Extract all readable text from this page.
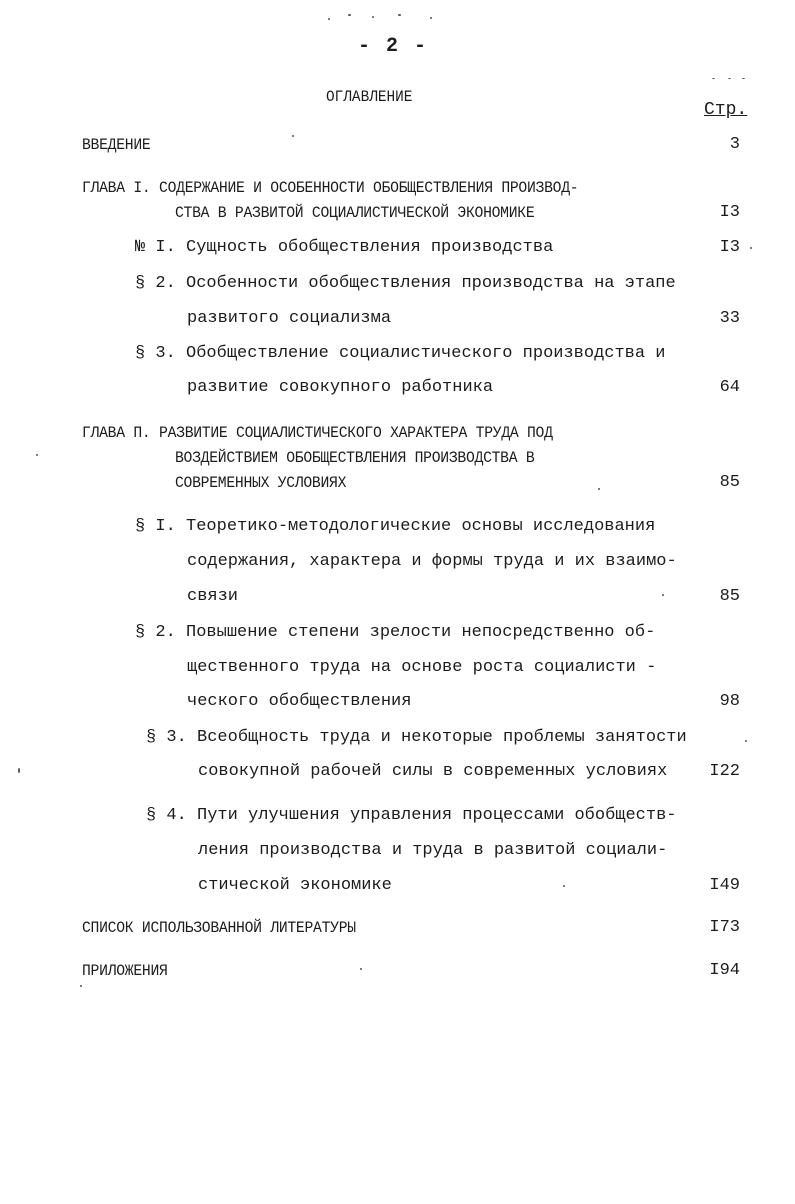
- 2 -
ОГЛАВЛЕНИЕ
Стр.
ВВЕДЕНИЕ	3
ГЛАВА I. СОДЕРЖАНИЕ И ОСОБЕННОСТИ ОБОБЩЕСТВЛЕНИЯ ПРОИЗВОД-
СТВА В РАЗВИТОЙ СОЦИАЛИСТИЧЕСКОЙ ЭКОНОМИКЕ	I3
№ I. Сущность обобществления производства	I3
§ 2. Особенности обобществления производства на этапе
развитого социализма	33
§ 3. Обобществление социалистического производства и
развитие совокупного работника	64
ГЛАВА П. РАЗВИТИЕ СОЦИАЛИСТИЧЕСКОГО ХАРАКТЕРА ТРУДА ПОД
ВОЗДЕЙСТВИЕМ ОБОБЩЕСТВЛЕНИЯ ПРОИЗВОДСТВА В
СОВРЕМЕННЫХ УСЛОВИЯХ	85
§ I. Теоретико-методологические основы исследования
содержания, характера и формы труда и их взаимо-
связи	85
§ 2. Повышение степени зрелости непосредственно об-
щественного труда на основе роста социалисти -
ческого обобществления	98
§ 3. Всеобщность труда и некоторые проблемы занятости
совокупной рабочей силы в современных условиях	I22
§ 4. Пути улучшения управления процессами обобществ-
ления производства и труда в развитой социали-
стической экономике	I49
СПИСОК ИСПОЛЬЗОВАННОЙ ЛИТЕРАТУРЫ	I73
ПРИЛОЖЕНИЯ	I94
